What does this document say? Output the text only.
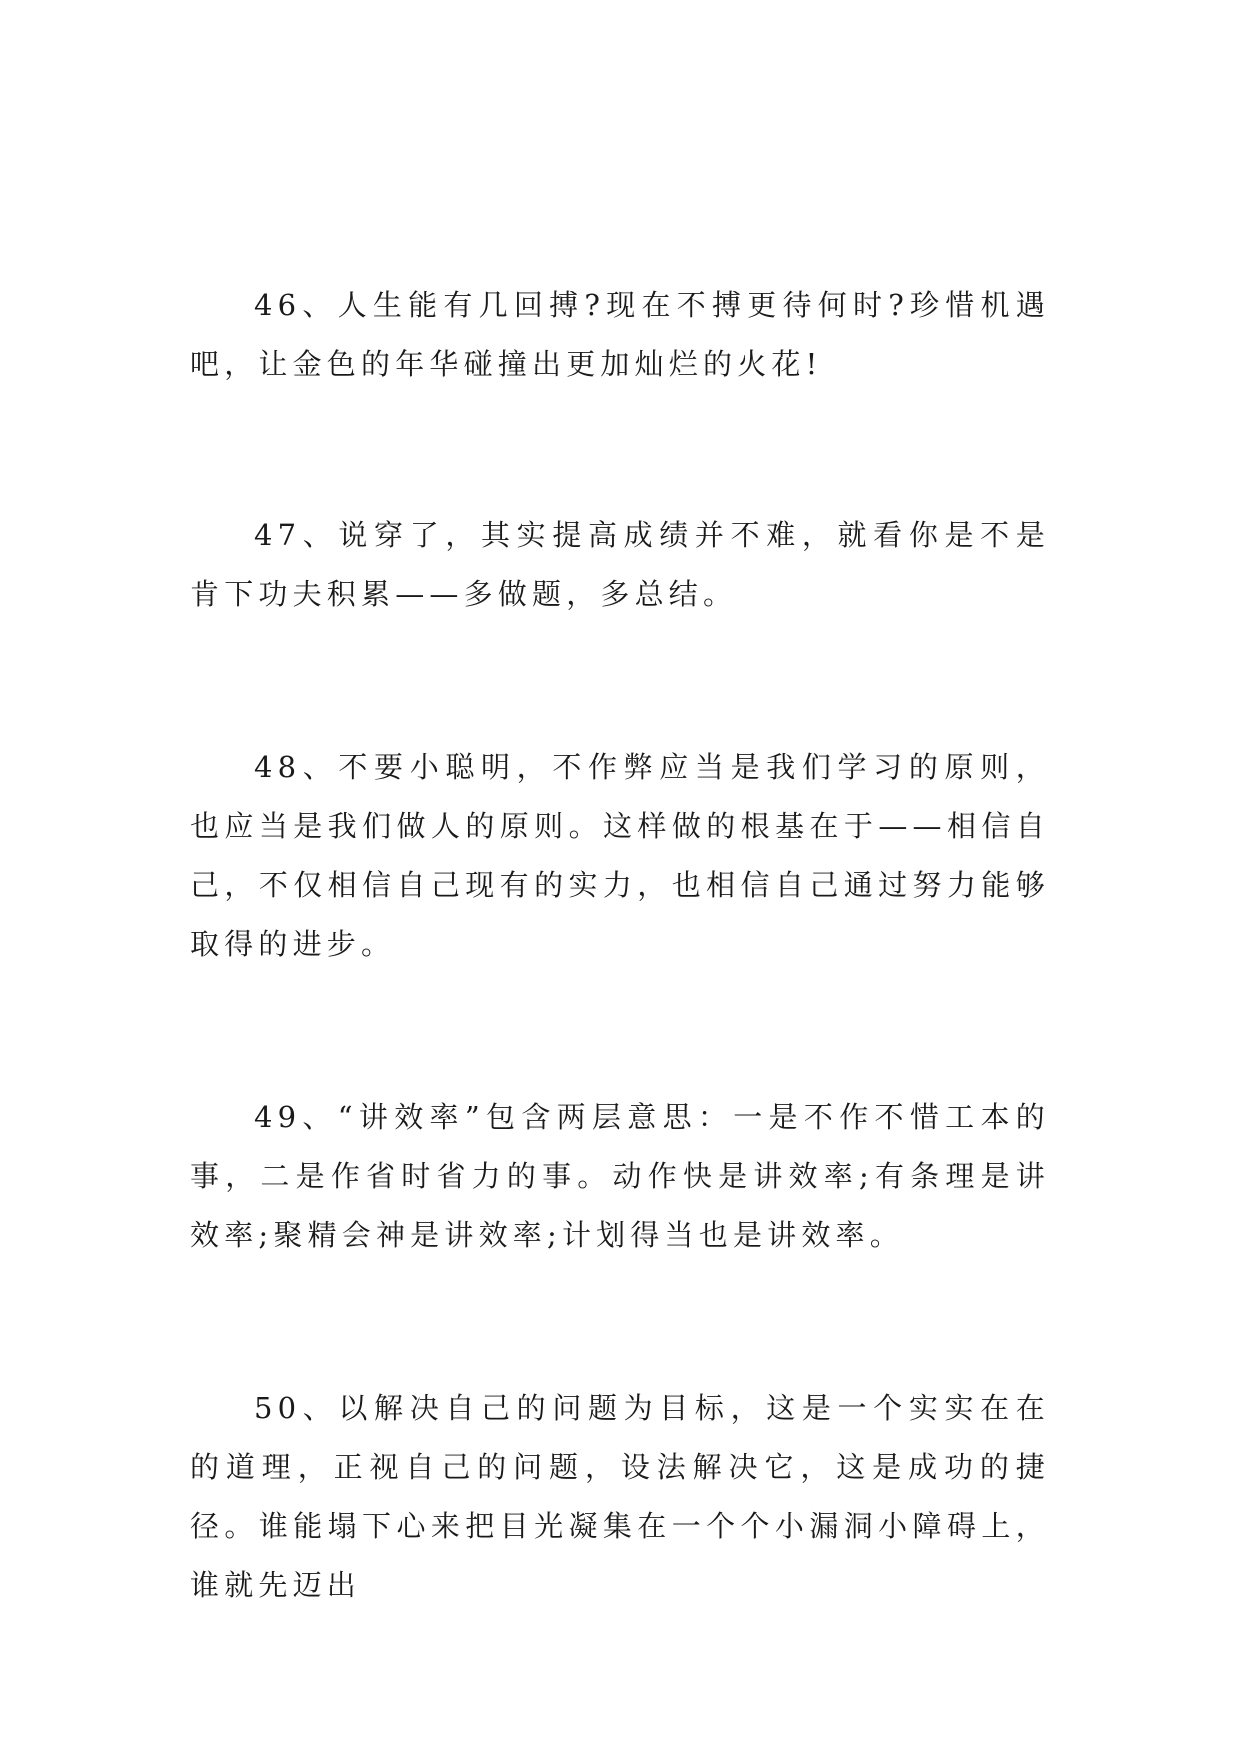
46、人生能有几回搏?现在不搏更待何时?珍惜机遇吧，让金色的年华碰撞出更加灿烂的火花!

47、说穿了，其实提高成绩并不难，就看你是不是肯下功夫积累——多做题，多总结。

48、不要小聪明，不作弊应当是我们学习的原则，也应当是我们做人的原则。这样做的根基在于——相信自己，不仅相信自己现有的实力，也相信自己通过努力能够取得的进步。

49、“讲效率”包含两层意思：一是不作不惜工本的事，二是作省时省力的事。动作快是讲效率;有条理是讲效率;聚精会神是讲效率;计划得当也是讲效率。

50、以解决自己的问题为目标，这是一个实实在在的道理，正视自己的问题，设法解决它，这是成功的捷径。谁能塌下心来把目光凝集在一个个小漏洞小障碍上，谁就先迈出
